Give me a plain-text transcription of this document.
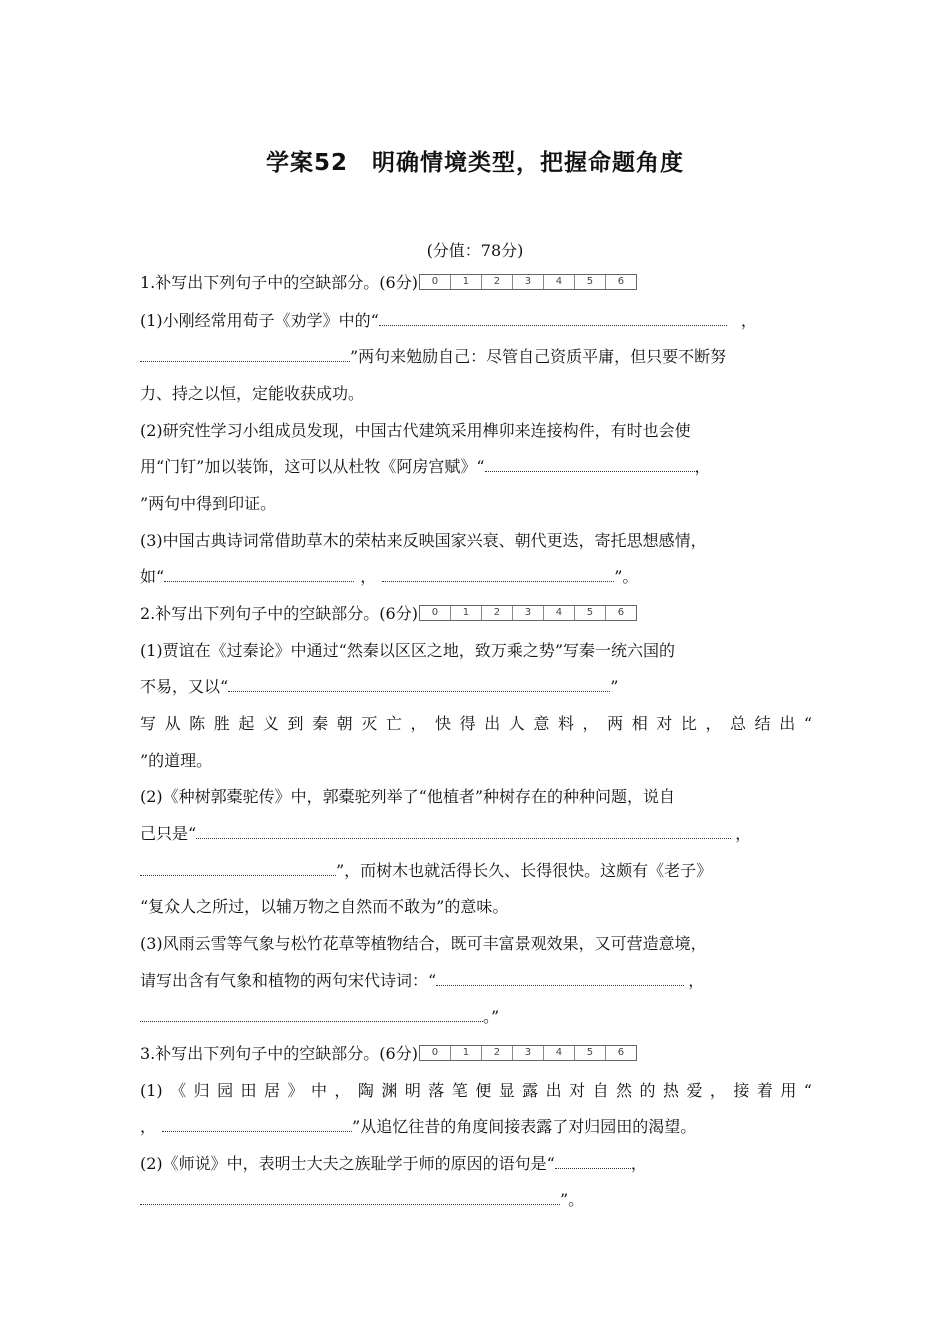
学案52　明确情境类型，把握命题角度
(分值：78分)
1.补写出下列句子中的空缺部分。(6分)	0	1	2	3	4	5	6
(1)小刚经常用荀子《劝学》中的“	，
”两句来勉励自己：尽管自己资质平庸，但只要不断努
力、持之以恒，定能收获成功。
(2)研究性学习小组成员发现，中国古代建筑采用榫卯来连接构件，有时也会使
用“门钉”加以装饰，这可以从杜牧《阿房宫赋》“	，
”两句中得到印证。
(3)中国古典诗词常借助草木的荣枯来反映国家兴衰、朝代更迭，寄托思想感情，
如“	，	”。
2.补写出下列句子中的空缺部分。(6分)	0	1	2	3	4	5	6
(1)贾谊在《过秦论》中通过“然秦以区区之地，致万乘之势”写秦一统六国的
不易，又以“	”
写从陈胜起义到秦朝灭亡，快得出人意料，两相对比，总结出“
”的道理。
(2)《种树郭橐驼传》中，郭橐驼列举了“他植者”种树存在的种种问题，说自
己只是“	，
”，而树木也就活得长久、长得很快。这颇有《老子》
“复众人之所过，以辅万物之自然而不敢为”的意味。
(3)风雨云雪等气象与松竹花草等植物结合，既可丰富景观效果，又可营造意境，
请写出含有气象和植物的两句宋代诗词：“	，
。”
3.补写出下列句子中的空缺部分。(6分)	0	1	2	3	4	5	6
(1)《归园田居》中，陶渊明落笔便显露出对自然的热爱，接着用“
，	”从追忆往昔的角度间接表露了对归园田的渴望。
(2)《师说》中，表明士大夫之族耻学于师的原因的语句是“	，
”。
